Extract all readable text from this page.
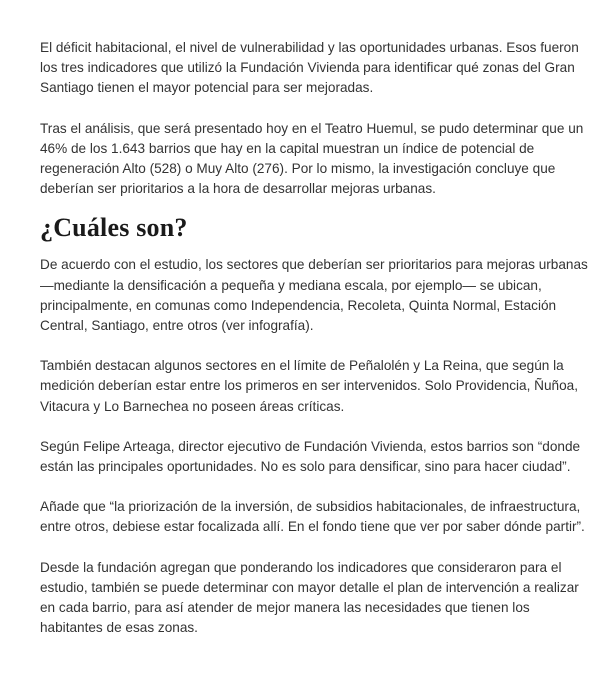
El déficit habitacional, el nivel de vulnerabilidad y las oportunidades urbanas. Esos fueron los tres indicadores que utilizó la Fundación Vivienda para identificar qué zonas del Gran Santiago tienen el mayor potencial para ser mejoradas.

Tras el análisis, que será presentado hoy en el Teatro Huemul, se pudo determinar que un 46% de los 1.643 barrios que hay en la capital muestran un índice de potencial de regeneración Alto (528) o Muy Alto (276). Por lo mismo, la investigación concluye que deberían ser prioritarios a la hora de desarrollar mejoras urbanas.

¿Cuáles son?

De acuerdo con el estudio, los sectores que deberían ser prioritarios para mejoras urbanas —mediante la densificación a pequeña y mediana escala, por ejemplo— se ubican, principalmente, en comunas como Independencia, Recoleta, Quinta Normal, Estación Central, Santiago, entre otros (ver infografía).

También destacan algunos sectores en el límite de Peñalolén y La Reina, que según la medición deberían estar entre los primeros en ser intervenidos. Solo Providencia, Ñuñoa, Vitacura y Lo Barnechea no poseen áreas críticas.

Según Felipe Arteaga, director ejecutivo de Fundación Vivienda, estos barrios son “donde están las principales oportunidades. No es solo para densificar, sino para hacer ciudad”.

Añade que “la priorización de la inversión, de subsidios habitacionales, de infraestructura, entre otros, debiese estar focalizada allí. En el fondo tiene que ver por saber dónde partir”.

Desde la fundación agregan que ponderando los indicadores que consideraron para el estudio, también se puede determinar con mayor detalle el plan de intervención a realizar en cada barrio, para así atender de mejor manera las necesidades que tienen los habitantes de esas zonas.
